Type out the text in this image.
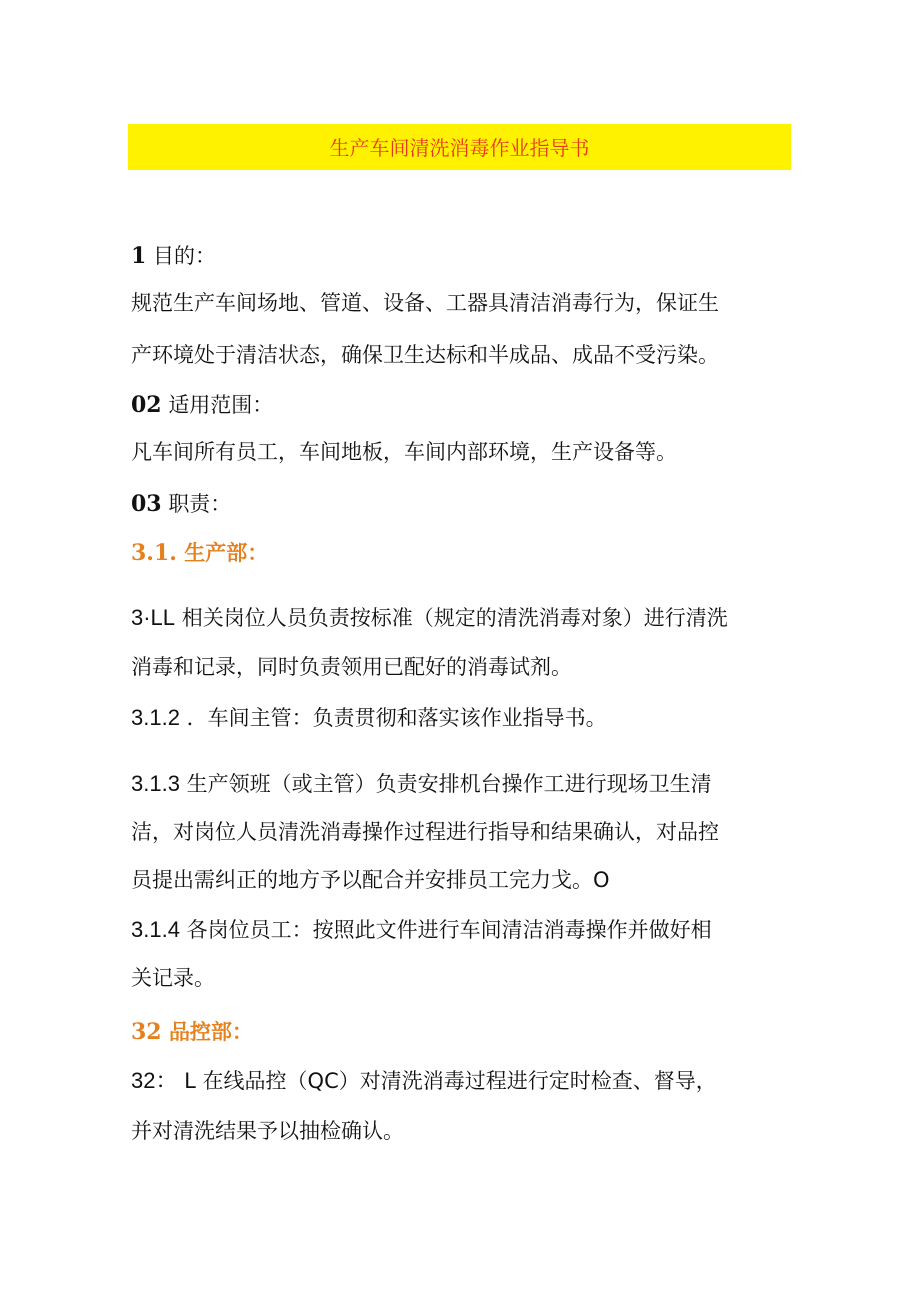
生产车间清洗消毒作业指导书
1 目的：
规范生产车间场地、管道、设备、工器具清洁消毒行为，保证生
产环境处于清洁状态，确保卫生达标和半成品、成品不受污染。
02 适用范围：
凡车间所有员工，车间地板，车间内部环境，生产设备等。
03 职责：
3.1. 生产部：
3·LL 相关岗位人员负责按标准（规定的清洗消毒对象）进行清洗
消毒和记录，同时负责领用已配好的消毒试剂。
3.1.2 ．车间主管：负责贯彻和落实该作业指导书。
3.1.3 生产领班（或主管）负责安排机台操作工进行现场卫生清
洁，对岗位人员清洗消毒操作过程进行指导和结果确认，对品控
员提出需纠正的地方予以配合并安排员工完力戈。O
3.1.4 各岗位员工：按照此文件进行车间清洁消毒操作并做好相
关记录。
32 品控部：
32： L 在线品控（QC）对清洗消毒过程进行定时检查、督导，
并对清洗结果予以抽检确认。
